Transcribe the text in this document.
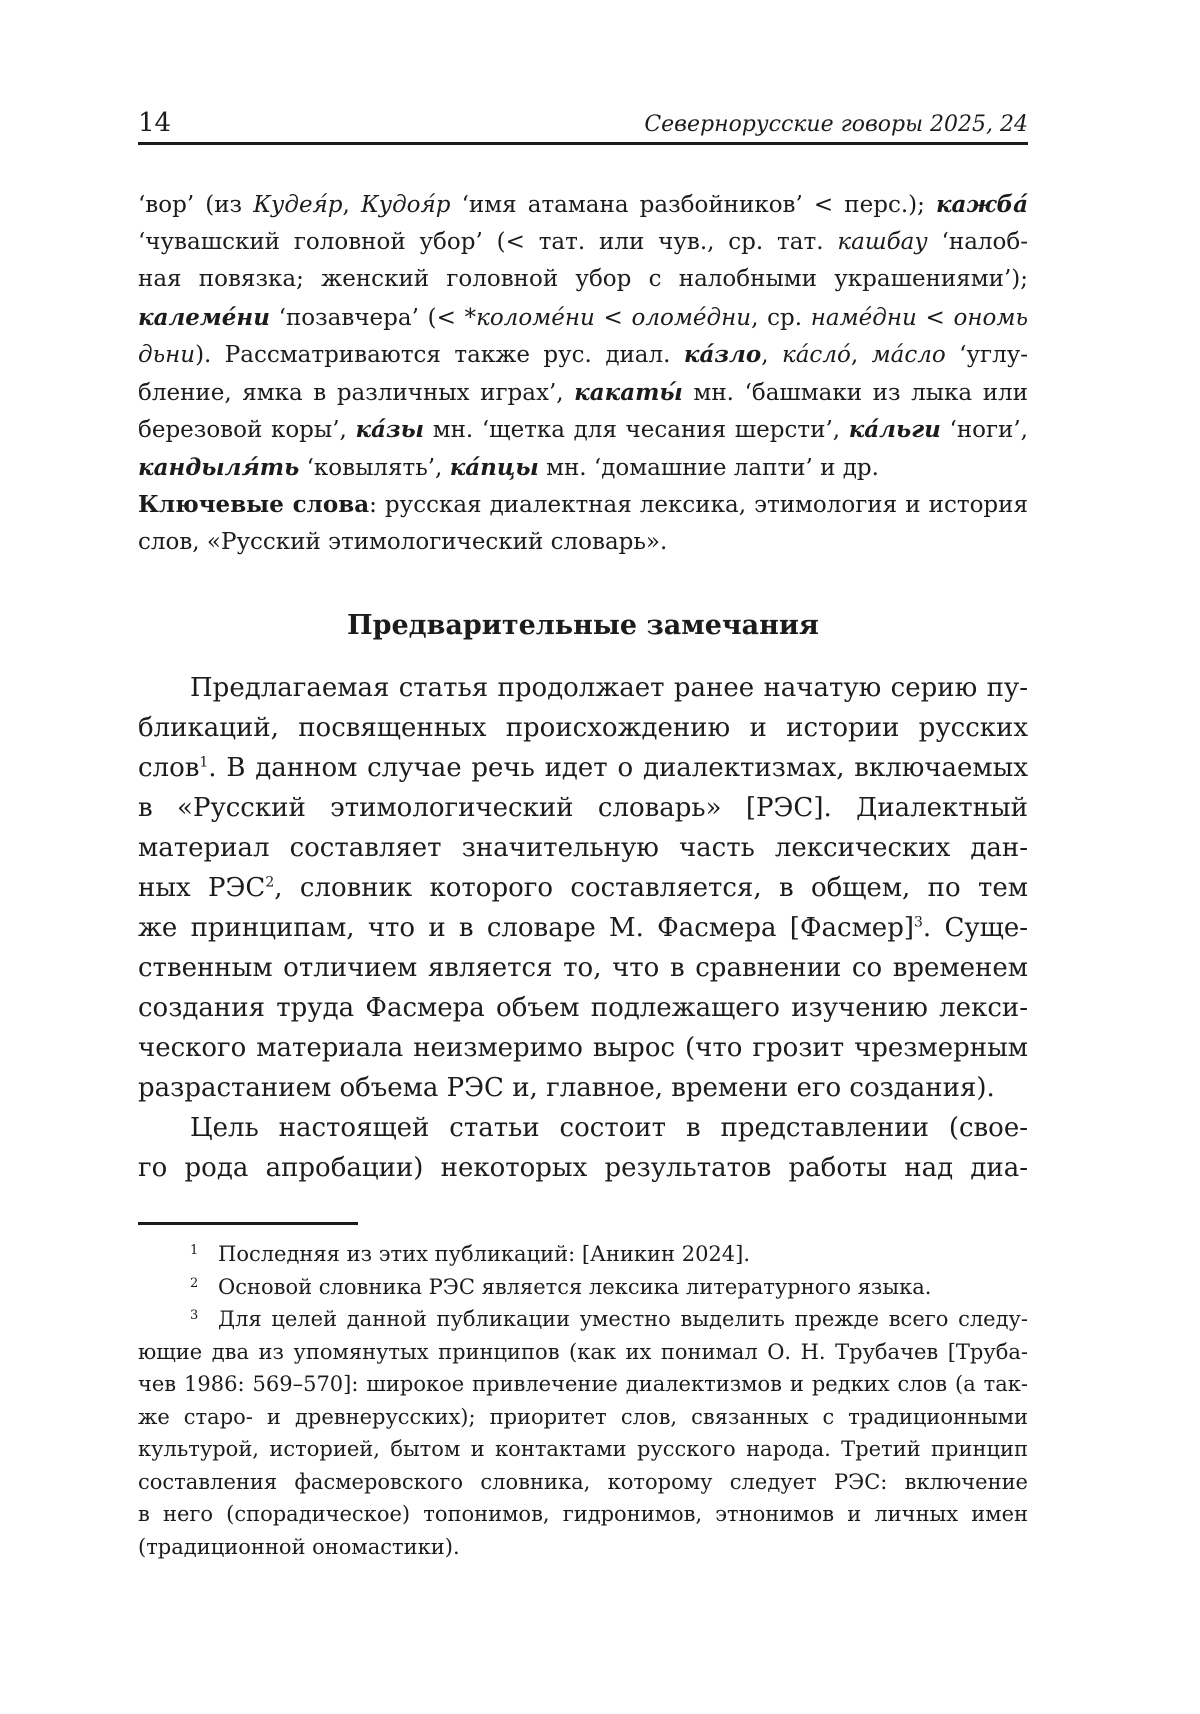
14	Севернорусские говоры 2025, 24
‘вор’ (из Кудея́р, Кудоя́р ‘имя атамана разбойников’ < перс.); кажба́
‘чувашский головной убор’ (< тат. или чув., ср. тат. кашбау ‘налоб-
ная повязка; женский головной убор с налобными украшениями’);
калеме́ни ‘позавчера’ (< *коломе́ни < оломе́дни, ср. наме́дни < ономь
дьни). Рассматриваются также рус. диал. ка́зло, ка́сло́, ма́сло ‘углу-
бление, ямка в различных играх’, какаты́ мн. ‘башмаки из лыка или
березовой коры’, ка́зы мн. ‘щетка для чесания шерсти’, ка́льги ‘ноги’,
кандыля́ть ‘ковылять’, ка́пцы мн. ‘домашние лапти’ и др.
Ключевые слова: русская диалектная лексика, этимология и история
слов, «Русский этимологический словарь».
Предварительные замечания
Предлагаемая статья продолжает ранее начатую серию пу-
бликаций, посвященных происхождению и истории русских
слов$^1$. В данном случае речь идет о диалектизмах, включаемых
в «Русский этимологический словарь» [РЭС]. Диалектный
материал составляет значительную часть лексических дан-
ных РЭС$^2$, словник которого составляется, в общем, по тем
же принципам, что и в словаре М. Фасмера [Фасмер]$^3$. Суще-
ственным отличием является то, что в сравнении со временем
создания труда Фасмера объем подлежащего изучению лекси-
ческого материала неизмеримо вырос (что грозит чрезмерным
разрастанием объема РЭС и, главное, времени его создания).
Цель настоящей статьи состоит в представлении (свое-
го рода апробации) некоторых результатов работы над диа-
1 Последняя из этих публикаций: [Аникин 2024].
2 Основой словника РЭС является лексика литературного языка.
3 Для целей данной публикации уместно выделить прежде всего следу-
ющие два из упомянутых принципов (как их понимал О. Н. Трубачев [Труба-
чев 1986: 569–570]: широкое привлечение диалектизмов и редких слов (а так-
же старо- и древнерусских); приоритет слов, связанных с традиционными
культурой, историей, бытом и контактами русского народа. Третий принцип
составления фасмеровского словника, которому следует РЭС: включение
в него (спорадическое) топонимов, гидронимов, этнонимов и личных имен
(традиционной ономастики).
